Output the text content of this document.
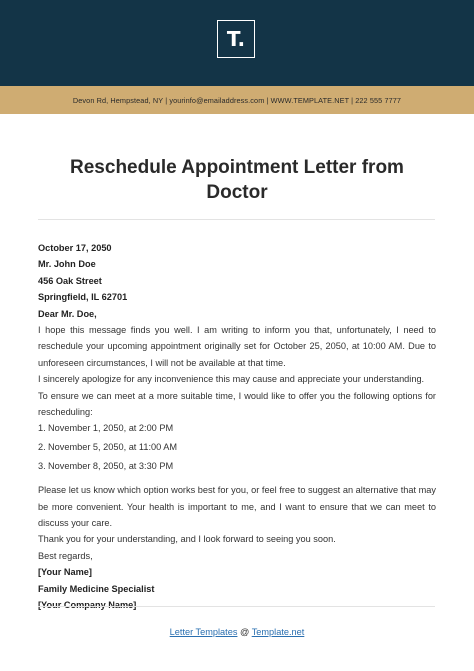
T.
Devon Rd, Hempstead, NY | yourinfo@emailaddress.com | WWW.TEMPLATE.NET | 222 555 7777
Reschedule Appointment Letter from Doctor
October 17, 2050
Mr. John Doe
456 Oak Street
Springfield, IL 62701
Dear Mr. Doe,

I hope this message finds you well. I am writing to inform you that, unfortunately, I need to reschedule your upcoming appointment originally set for October 25, 2050, at 10:00 AM. Due to unforeseen circumstances, I will not be available at that time.

I sincerely apologize for any inconvenience this may cause and appreciate your understanding.

To ensure we can meet at a more suitable time, I would like to offer you the following options for rescheduling:

1. November 1, 2050, at 2:00 PM
2. November 5, 2050, at 11:00 AM
3. November 8, 2050, at 3:30 PM

Please let us know which option works best for you, or feel free to suggest an alternative that may be more convenient. Your health is important to me, and I want to ensure that we can meet to discuss your care.

Thank you for your understanding, and I look forward to seeing you soon.

Best regards,
[Your Name]
Family Medicine Specialist
Letter Templates @ Template.net
